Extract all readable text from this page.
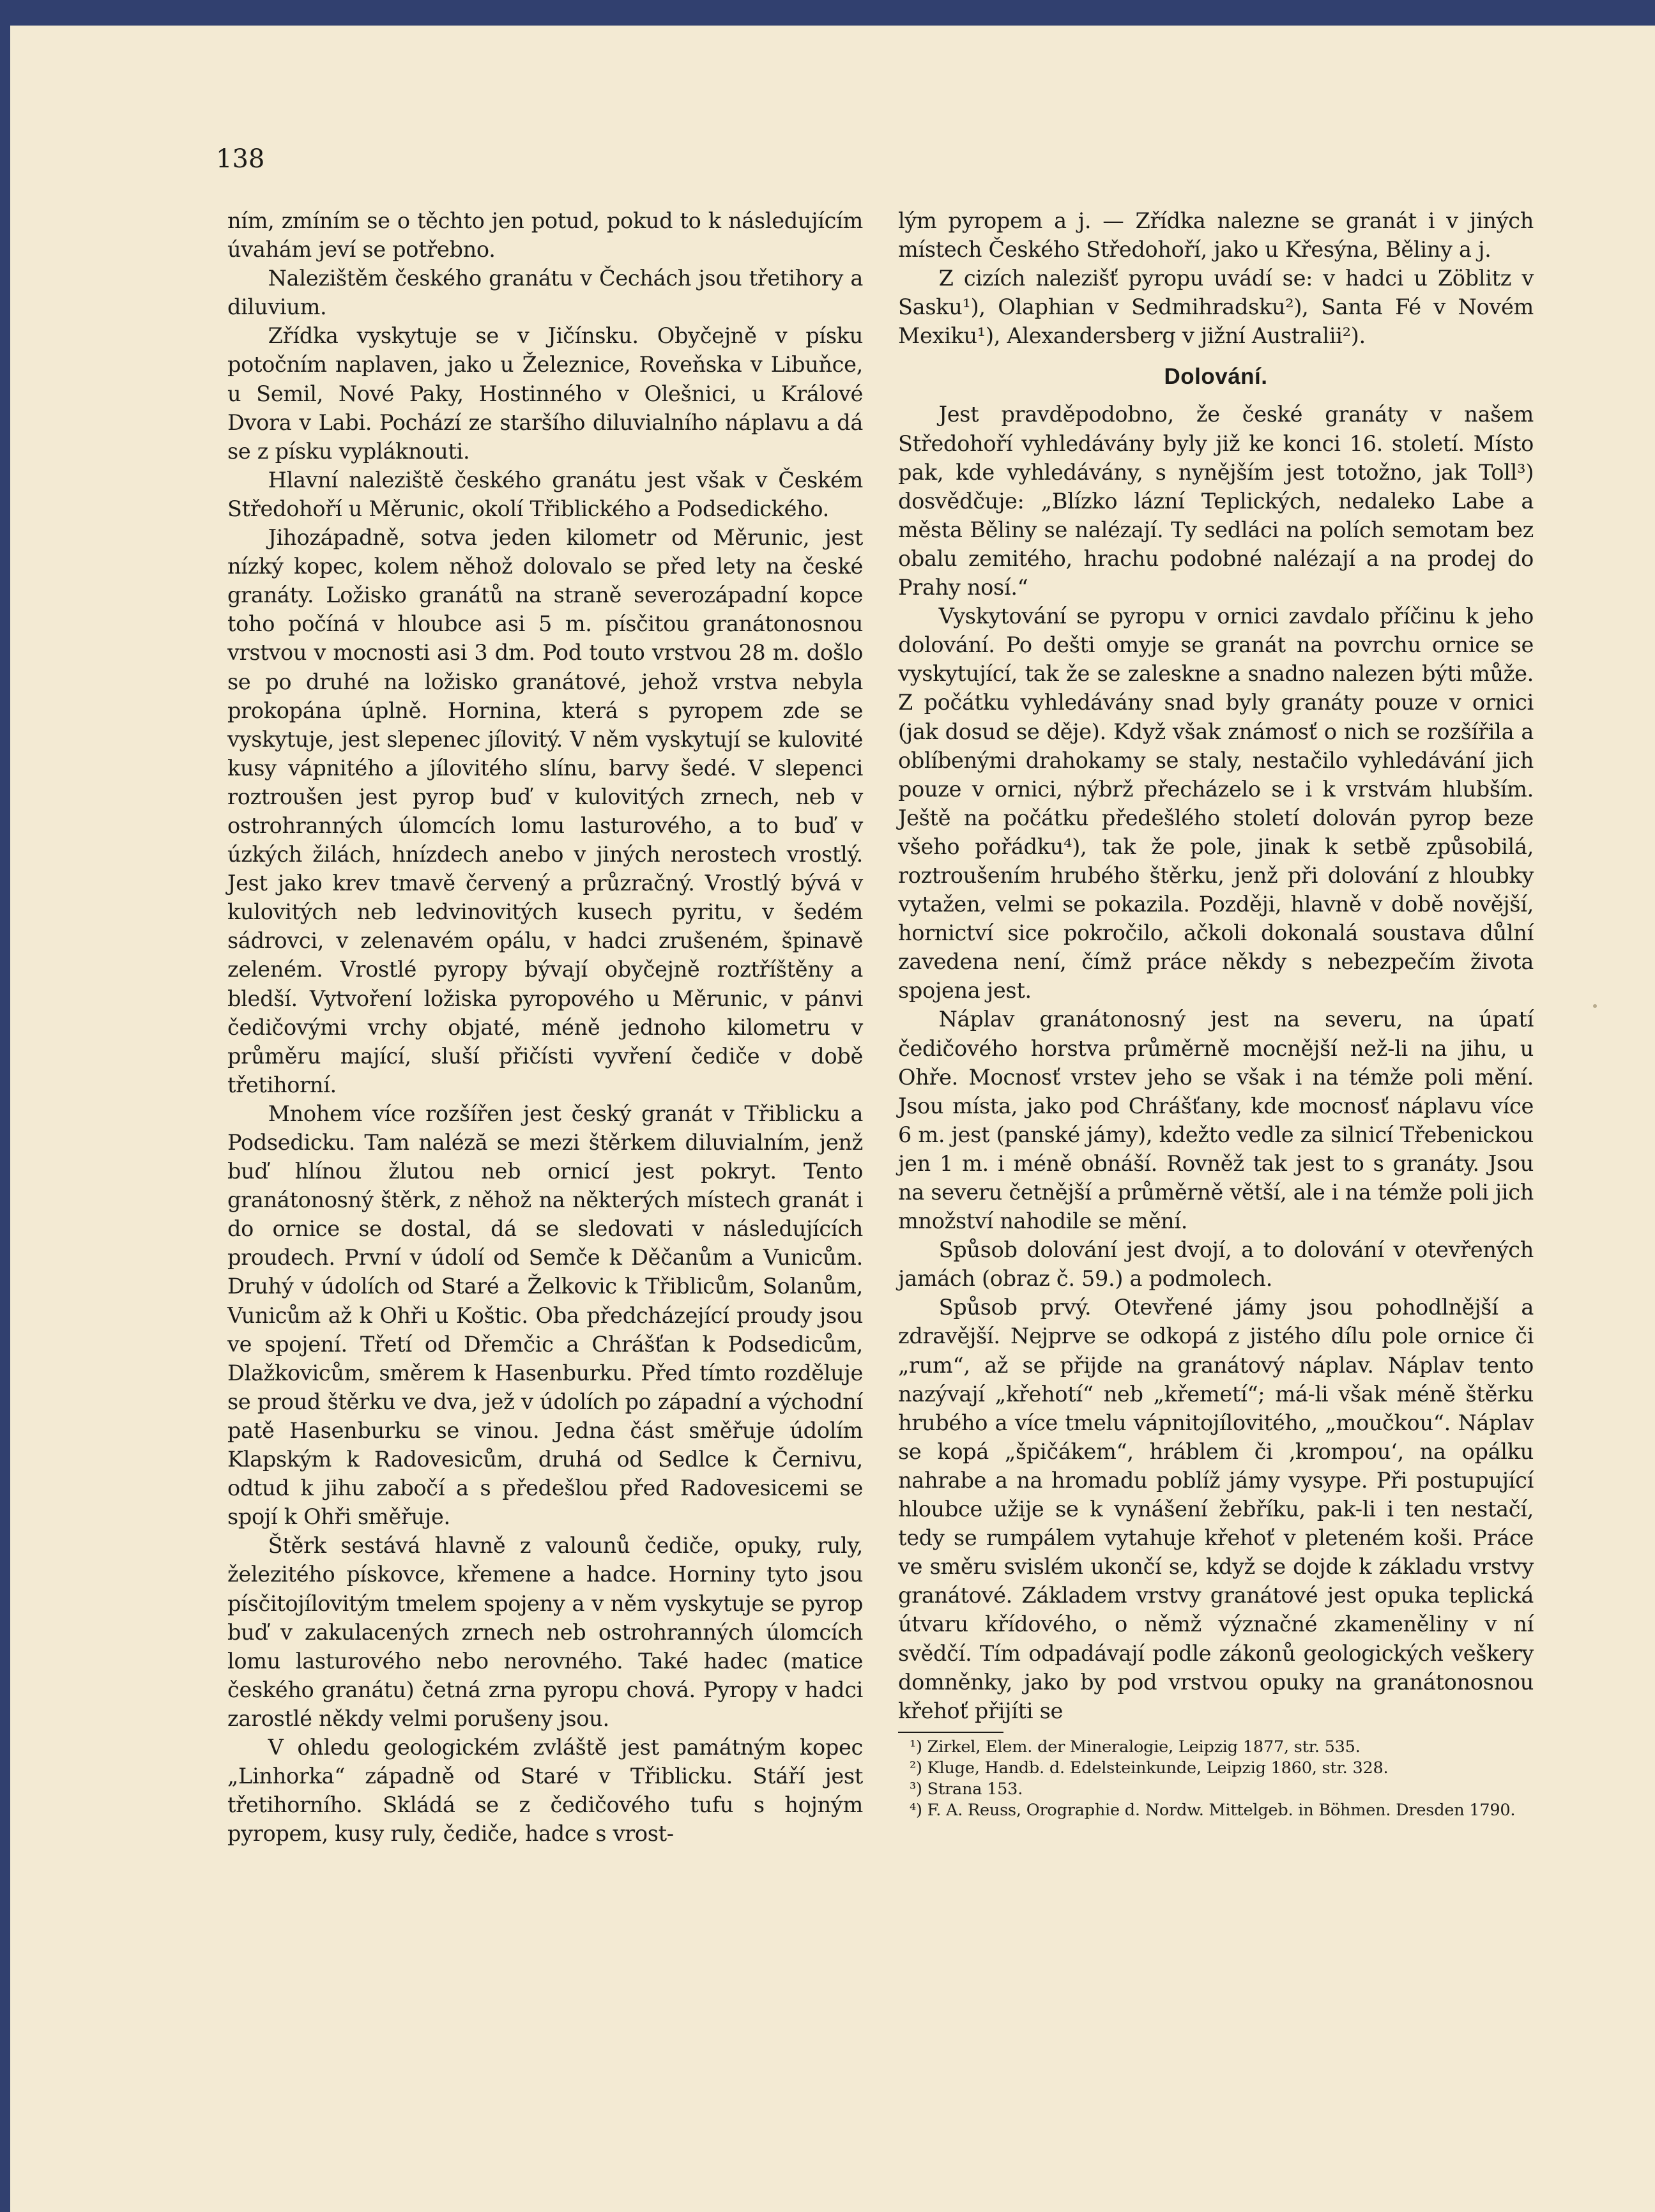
138

ním, zmíním se o těchto jen potud, pokud to k následujícím úvahám jeví se potřebno.

Nalezištěm českého granátu v Čechách jsou třetihory a diluvium.

Zřídka vyskytuje se v Jičínsku. Obyčejně v písku potočním naplaven, jako u Železnice, Roveňska v Libuňce, u Semil, Nové Paky, Hostinného v Olešnici, u Králové Dvora v Labi. Pochází ze staršího diluvialního náplavu a dá se z písku vypláknouti.

Hlavní naleziště českého granátu jest však v Českém Středohoří u Měrunic, okolí Třiblického a Podsedického.

Jihozápadně, sotva jeden kilometr od Měrunic, jest nízký kopec, kolem něhož dolovalo se před lety na české granáty. Ložisko granátů na straně severozápadní kopce toho počíná v hloubce asi 5 m. písčitou granátonosnou vrstvou v mocnosti asi 3 dm. Pod touto vrstvou 28 m. došlo se po druhé na ložisko granátové, jehož vrstva nebyla prokopána úplně. Hornina, která s pyropem zde se vyskytuje, jest slepenec jílovitý. V něm vyskytují se kulovité kusy vápnitého a jílovitého slínu, barvy šedé. V slepenci roztroušen jest pyrop buď v kulovitých zrnech, neb v ostrohranných úlomcích lomu lasturového, a to buď v úzkých žilách, hnízdech anebo v jiných nerostech vrostlý. Jest jako krev tmavě červený a průzračný. Vrostlý bývá v kulovitých neb ledvinovitých kusech pyritu, v šedém sádrovci, v zelenavém opálu, v hadci zrušeném, špinavě zeleném. Vrostlé pyropy bývají obyčejně roztříštěny a bledší. Vytvoření ložiska pyropového u Měrunic, v pánvi čedičovými vrchy objaté, méně jednoho kilometru v průměru mající, sluší přičísti vyvření čediče v době třetihorní.

Mnohem více rozšířen jest český granát v Třiblicku a Podsedicku. Tam naléză se mezi štěrkem diluvialním, jenž buď hlínou žlutou neb ornicí jest pokryt. Tento granátonosný štěrk, z něhož na některých místech granát i do ornice se dostal, dá se sledovati v následujících proudech. První v údolí od Semče k Děčanům a Vunicům. Druhý v údolích od Staré a Želkovic k Třiblicům, Solanům, Vunicům až k Ohři u Koštic. Oba předcházející proudy jsou ve spojení. Třetí od Dřemčic a Chrášťan k Podsedicům, Dlažkovicům, směrem k Hasenburku. Před tímto rozděluje se proud štěrku ve dva, jež v údolích po západní a východní patě Hasenburku se vinou. Jedna část směřuje údolím Klapským k Radovesicům, druhá od Sedlce k Černivu, odtud k jihu zabočí a s předešlou před Radovesicemi se spojí k Ohři směřuje.

Štěrk sestává hlavně z valounů čediče, opuky, ruly, železitého pískovce, křemene a hadce. Horniny tyto jsou písčitojílovitým tmelem spojeny a v něm vyskytuje se pyrop buď v zakulacených zrnech neb ostrohranných úlomcích lomu lasturového nebo nerovného. Také hadec (matice českého granátu) četná zrna pyropu chová. Pyropy v hadci zarostlé někdy velmi porušeny jsou.

V ohledu geologickém zvláště jest památným kopec „Linhorka“ západně od Staré v Třiblicku. Stáří jest třetihorního. Skládá se z čedičového tufu s hojným pyropem, kusy ruly, čediče, hadce s vrost-

lým pyropem a j. — Zřídka nalezne se granát i v jiných místech Českého Středohoří, jako u Křesýna, Běliny a j.

Z cizích nalezišť pyropu uvádí se: v hadci u Zöblitz v Sasku¹), Olaphian v Sedmihradsku²), Santa Fé v Novém Mexiku¹), Alexandersberg v jižní Australii²).

Dolování.

Jest pravděpodobno, že české granáty v našem Středohoří vyhledávány byly již ke konci 16. století. Místo pak, kde vyhledávány, s nynějším jest totožno, jak Toll³) dosvědčuje: „Blízko lázní Teplických, nedaleko Labe a města Běliny se nalézají. Ty sedláci na polích semotam bez obalu zemitého, hrachu podobné nalézají a na prodej do Prahy nosí.“

Vyskytování se pyropu v ornici zavdalo příčinu k jeho dolování. Po dešti omyje se granát na povrchu ornice se vyskytující, tak že se zaleskne a snadno nalezen býti může. Z počátku vyhledávány snad byly granáty pouze v ornici (jak dosud se děje). Když však známosť o nich se rozšířila a oblíbenými drahokamy se staly, nestačilo vyhledávání jich pouze v ornici, nýbrž přecházelo se i k vrstvám hlubším. Ještě na počátku předešlého století dolován pyrop beze všeho pořádku⁴), tak že pole, jinak k setbě způsobilá, roztroušením hrubého štěrku, jenž při dolování z hloubky vytažen, velmi se pokazila. Později, hlavně v době novější, hornictví sice pokročilo, ačkoli dokonalá soustava důlní zavedena není, čímž práce někdy s nebezpečím života spojena jest.

Náplav granátonosný jest na severu, na úpatí čedičového horstva průměrně mocnější než-li na jihu, u Ohře. Mocnosť vrstev jeho se však i na témže poli mění. Jsou místa, jako pod Chrášťany, kde mocnosť náplavu více 6 m. jest (panské jámy), kdežto vedle za silnicí Třebenickou jen 1 m. i méně obnáší. Rovněž tak jest to s granáty. Jsou na severu četnější a průměrně větší, ale i na témže poli jich množství nahodile se mění.

Spůsob dolování jest dvojí, a to dolování v otevřených jamách (obraz č. 59.) a podmolech.

Spůsob prvý. Otevřené jámy jsou pohodlnější a zdravější. Nejprve se odkopá z jistého dílu pole ornice či „rum“, až se přijde na granátový náplav. Náplav tento nazývají „křehotí“ neb „křemetí“; má-li však méně štěrku hrubého a více tmelu vápnitojílovitého, „moučkou“. Náplav se kopá „špičákem“, hráblem či ‚krompou‘, na opálku nahrabe a na hromadu poblíž jámy vysype. Při postupující hloubce užije se k vynášení žebříku, pak-li i ten nestačí, tedy se rumpálem vytahuje křehoť v pleteném koši. Práce ve směru svislém ukončí se, když se dojde k základu vrstvy granátové. Základem vrstvy granátové jest opuka teplická útvaru křídového, o němž význačné zkameněliny v ní svědčí. Tím odpadávají podle zákonů geologických veškery domněnky, jako by pod vrstvou opuky na granátonosnou křehoť přijíti se

¹) Zirkel, Elem. der Mineralogie, Leipzig 1877, str. 535.
²) Kluge, Handb. d. Edelsteinkunde, Leipzig 1860, str. 328.
³) Strana 153.
⁴) F. A. Reuss, Orographie d. Nordw. Mittelgeb. in Böhmen. Dresden 1790.
